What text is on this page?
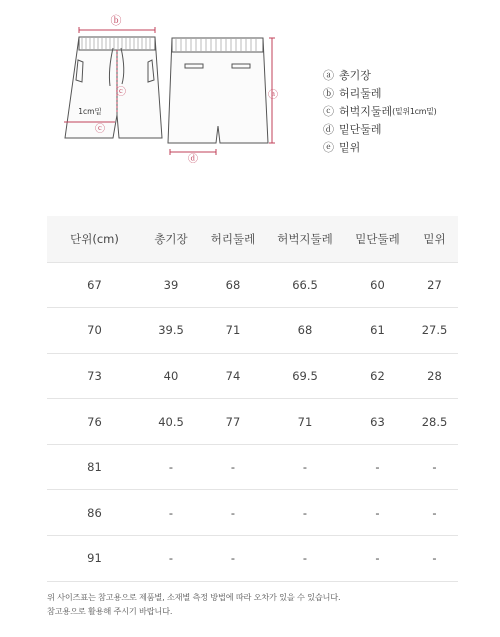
ⓑ
ⓒ
1cm밑
ⓒ
ⓐ
ⓓ
ⓐ 총기장
ⓑ 허리둘레
ⓒ 허벅지둘레 (밑위1cm밑)
ⓓ 밑단둘레
ⓔ 밑위
단위(cm)	총기장	허리둘레	허벅지둘레	밑단둘레	밑위
67	39	68	66.5	60	27
70	39.5	71	68	61	27.5
73	40	74	69.5	62	28
76	40.5	77	71	63	28.5
81	-	-	-	-	-
86	-	-	-	-	-
91	-	-	-	-	-
위 사이즈표는 참고용으로 제품별, 소재별 측정 방법에 따라 오차가 있을 수 있습니다.
참고용으로 활용해 주시기 바랍니다.
